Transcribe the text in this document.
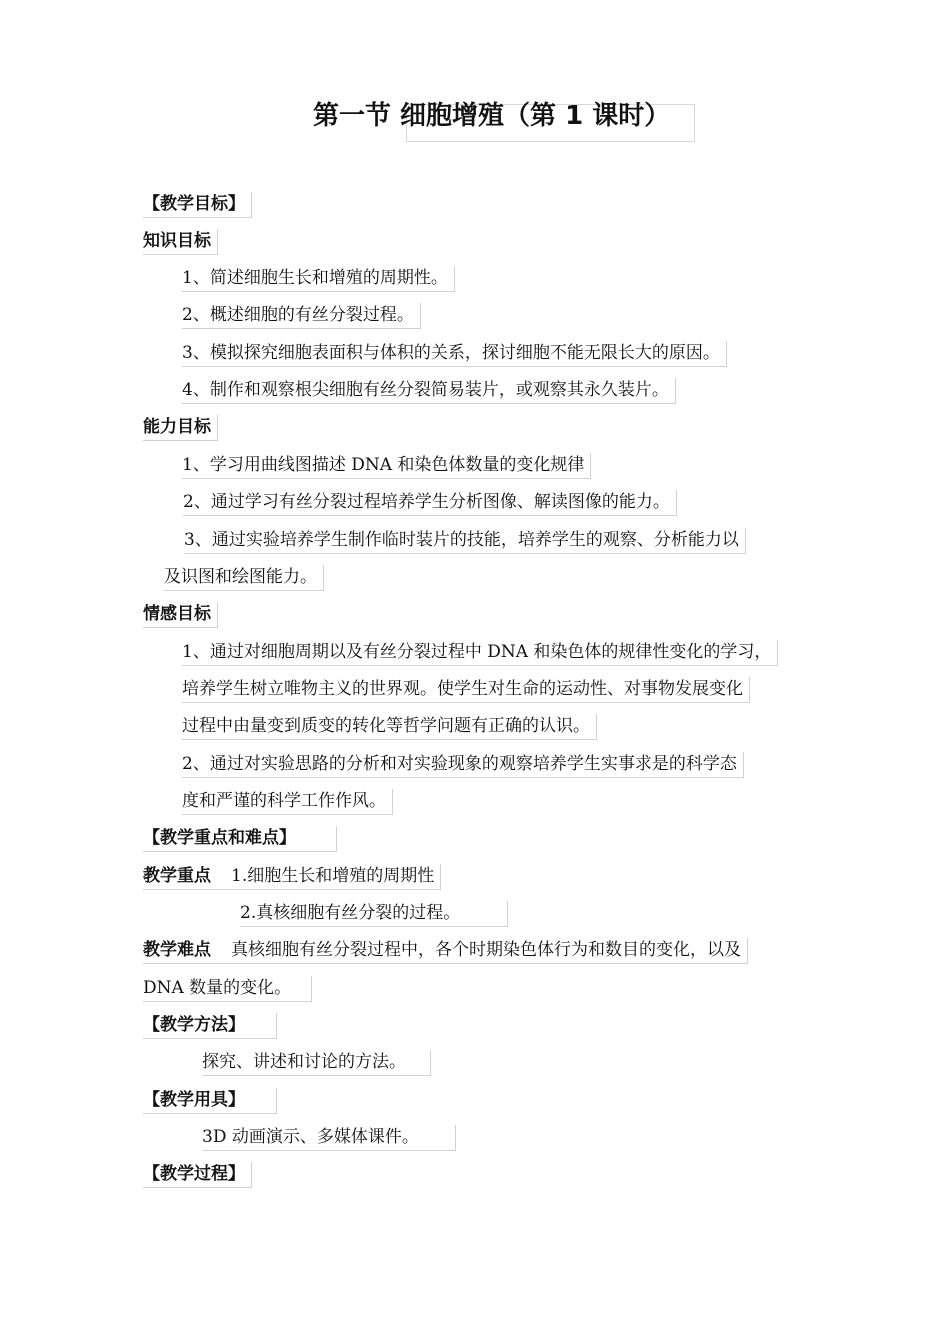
第一节 细胞增殖（第 1 课时）
【教学目标】
知识目标
1、简述细胞生长和增殖的周期性。
2、概述细胞的有丝分裂过程。
3、模拟探究细胞表面积与体积的关系，探讨细胞不能无限长大的原因。
4、制作和观察根尖细胞有丝分裂简易装片，或观察其永久装片。
能力目标
1、学习用曲线图描述 DNA 和染色体数量的变化规律
2、通过学习有丝分裂过程培养学生分析图像、解读图像的能力。
3、通过实验培养学生制作临时装片的技能，培养学生的观察、分析能力以
及识图和绘图能力。
情感目标
1、通过对细胞周期以及有丝分裂过程中 DNA 和染色体的规律性变化的学习，
培养学生树立唯物主义的世界观。使学生对生命的运动性、对事物发展变化
过程中由量变到质变的转化等哲学问题有正确的认识。
2、通过对实验思路的分析和对实验现象的观察培养学生实事求是的科学态
度和严谨的科学工作作风。
【教学重点和难点】
教学重点 1.细胞生长和增殖的周期性
2.真核细胞有丝分裂的过程。
教学难点 真核细胞有丝分裂过程中，各个时期染色体行为和数目的变化，以及
DNA 数量的变化。
【教学方法】
探究、讲述和讨论的方法。
【教学用具】
3D 动画演示、多媒体课件。
【教学过程】
